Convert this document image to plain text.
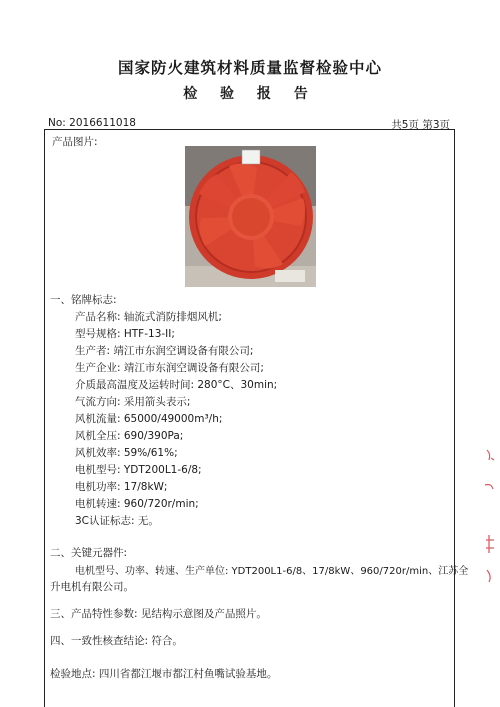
国家防火建筑材料质量监督检验中心
检 验 报 告
No: 2016611018	共5页 第3页
产品图片:
一、铭牌标志:
产品名称: 轴流式消防排烟风机;
型号规格: HTF-13-II;
生产者: 靖江市东润空调设备有限公司;
生产企业: 靖江市东润空调设备有限公司;
介质最高温度及运转时间: 280°C、30min;
气流方向: 采用箭头表示;
风机流量: 65000/49000m³/h;
风机全压: 690/390Pa;
风机效率: 59%/61%;
电机型号: YDT200L1-6/8;
电机功率: 17/8kW;
电机转速: 960/720r/min;
3C认证标志: 无。
二、关键元器件:
电机型号、功率、转速、生产单位: YDT200L1-6/8、17/8kW、960/720r/min、江苏全
升电机有限公司。
三、产品特性参数: 见结构示意图及产品照片。
四、一致性核查结论: 符合。
检验地点: 四川省都江堰市都江村鱼嘴试验基地。
